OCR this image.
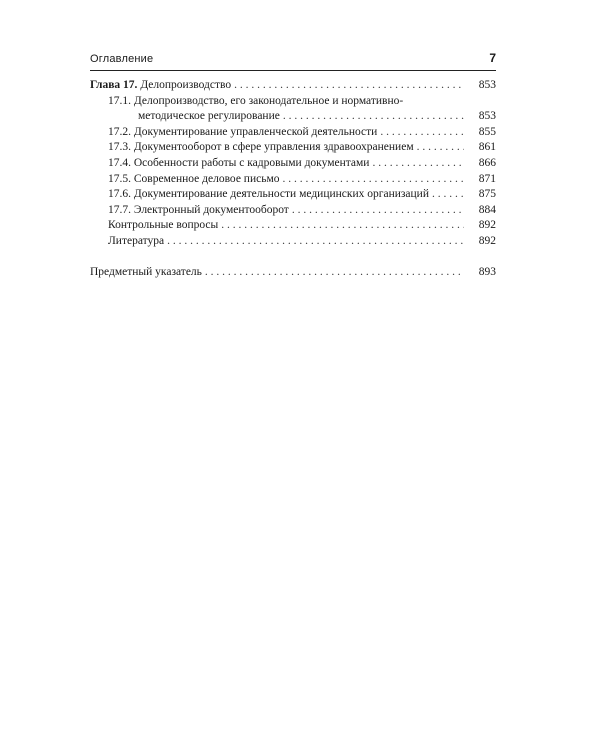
Оглавление	7
Глава 17. Делопроизводство . . .	853
17.1. Делопроизводство, его законодательное и нормативно-
методическое регулирование . . .	853
17.2. Документирование управленческой деятельности . . .	855
17.3. Документооборот в сфере управления здравоохранением . . .	861
17.4. Особенности работы с кадровыми документами . . .	866
17.5. Современное деловое письмо . . .	871
17.6. Документирование деятельности медицинских организаций . . .	875
17.7. Электронный документооборот . . .	884
Контрольные вопросы . . .	892
Литература . . .	892
Предметный указатель . . .	893
